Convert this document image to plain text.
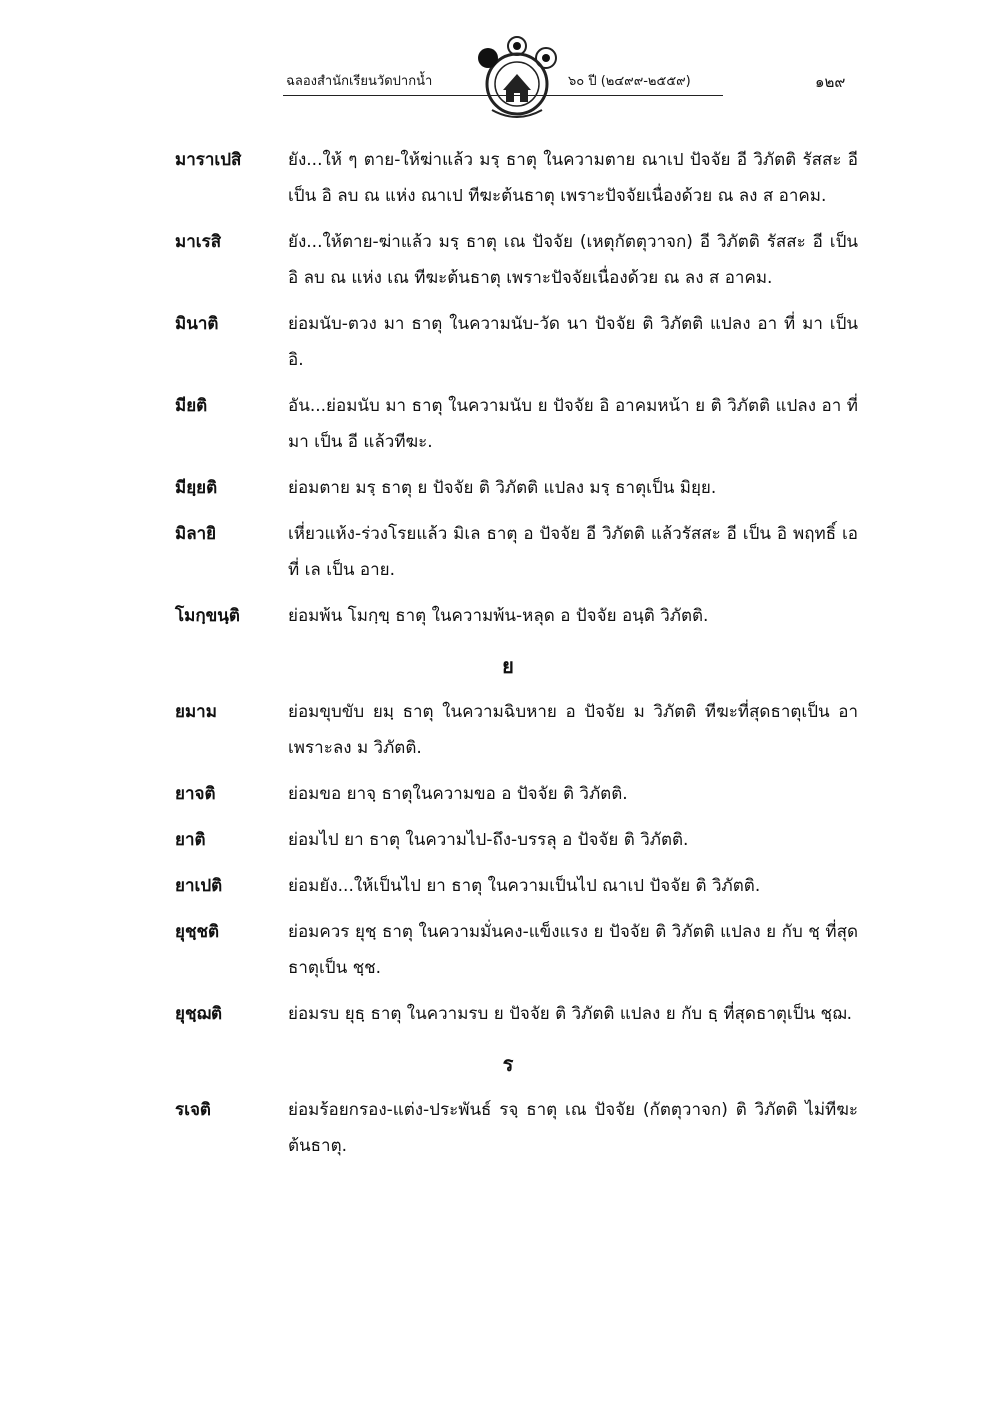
ฉลองสำนักเรียนวัดปากน้ำ	๖๐ ปี (๒๔๙๙-๒๕๕๙)	๑๒๙
มาราเปสิ	ยัง...ให้ ๆ ตาย-ให้ฆ่าแล้ว มรฺ ธาตุ ในความตาย ณาเป ปัจจัย อี วิภัตติ รัสสะ อี เป็น อิ ลบ ณ แห่ง ณาเป ทีฆะต้นธาตุ เพราะปัจจัยเนื่องด้วย ณ ลง ส อาคม.
มาเรสิ	ยัง...ให้ตาย-ฆ่าแล้ว มรฺ ธาตุ เณ ปัจจัย (เหตุกัตตุวาจก) อี วิภัตติ รัสสะ อี เป็น อิ ลบ ณ แห่ง เณ ทีฆะต้นธาตุ เพราะปัจจัยเนื่องด้วย ณ ลง ส อาคม.
มินาติ	ย่อมนับ-ตวง มา ธาตุ ในความนับ-วัด นา ปัจจัย ติ วิภัตติ แปลง อา ที่ มา เป็น อิ.
มียติ	อัน...ย่อมนับ มา ธาตุ ในความนับ ย ปัจจัย อิ อาคมหน้า ย ติ วิภัตติ แปลง อา ที่ มา เป็น อี แล้วทีฆะ.
มียฺยติ	ย่อมตาย มรฺ ธาตุ ย ปัจจัย ติ วิภัตติ แปลง มรฺ ธาตุเป็น มิยฺย.
มิลายิ	เหี่ยวแห้ง-ร่วงโรยแล้ว มิเล ธาตุ อ ปัจจัย อี วิภัตติ แล้วรัสสะ อี เป็น อิ พฤทธิ์ เอ ที่ เล เป็น อาย.
โมกฺขนฺติ	ย่อมพ้น โมกฺขฺ ธาตุ ในความพ้น-หลุด อ ปัจจัย อนฺติ วิภัตติ.
ย
ยมาม	ย่อมขุบขับ ยมฺ ธาตุ ในความฉิบหาย อ ปัจจัย ม วิภัตติ ทีฆะที่สุดธาตุเป็น อา เพราะลง ม วิภัตติ.
ยาจติ	ย่อมขอ ยาจฺ ธาตุในความขอ อ ปัจจัย ติ วิภัตติ.
ยาติ	ย่อมไป ยา ธาตุ ในความไป-ถึง-บรรลุ อ ปัจจัย ติ วิภัตติ.
ยาเปติ	ย่อมยัง...ให้เป็นไป ยา ธาตุ ในความเป็นไป ณาเป ปัจจัย ติ วิภัตติ.
ยุชฺชติ	ย่อมควร ยุชฺ ธาตุ ในความมั่นคง-แข็งแรง ย ปัจจัย ติ วิภัตติ แปลง ย กับ ชฺ ที่สุดธาตุเป็น ชฺช.
ยุชฺฌติ	ย่อมรบ ยุธฺ ธาตุ ในความรบ ย ปัจจัย ติ วิภัตติ แปลง ย กับ ธฺ ที่สุดธาตุเป็น ชฺฌ.
ร
รเจติ	ย่อมร้อยกรอง-แต่ง-ประพันธ์ รจฺ ธาตุ เณ ปัจจัย (กัตตุวาจก) ติ วิภัตติ ไม่ทีฆะต้นธาตุ.
